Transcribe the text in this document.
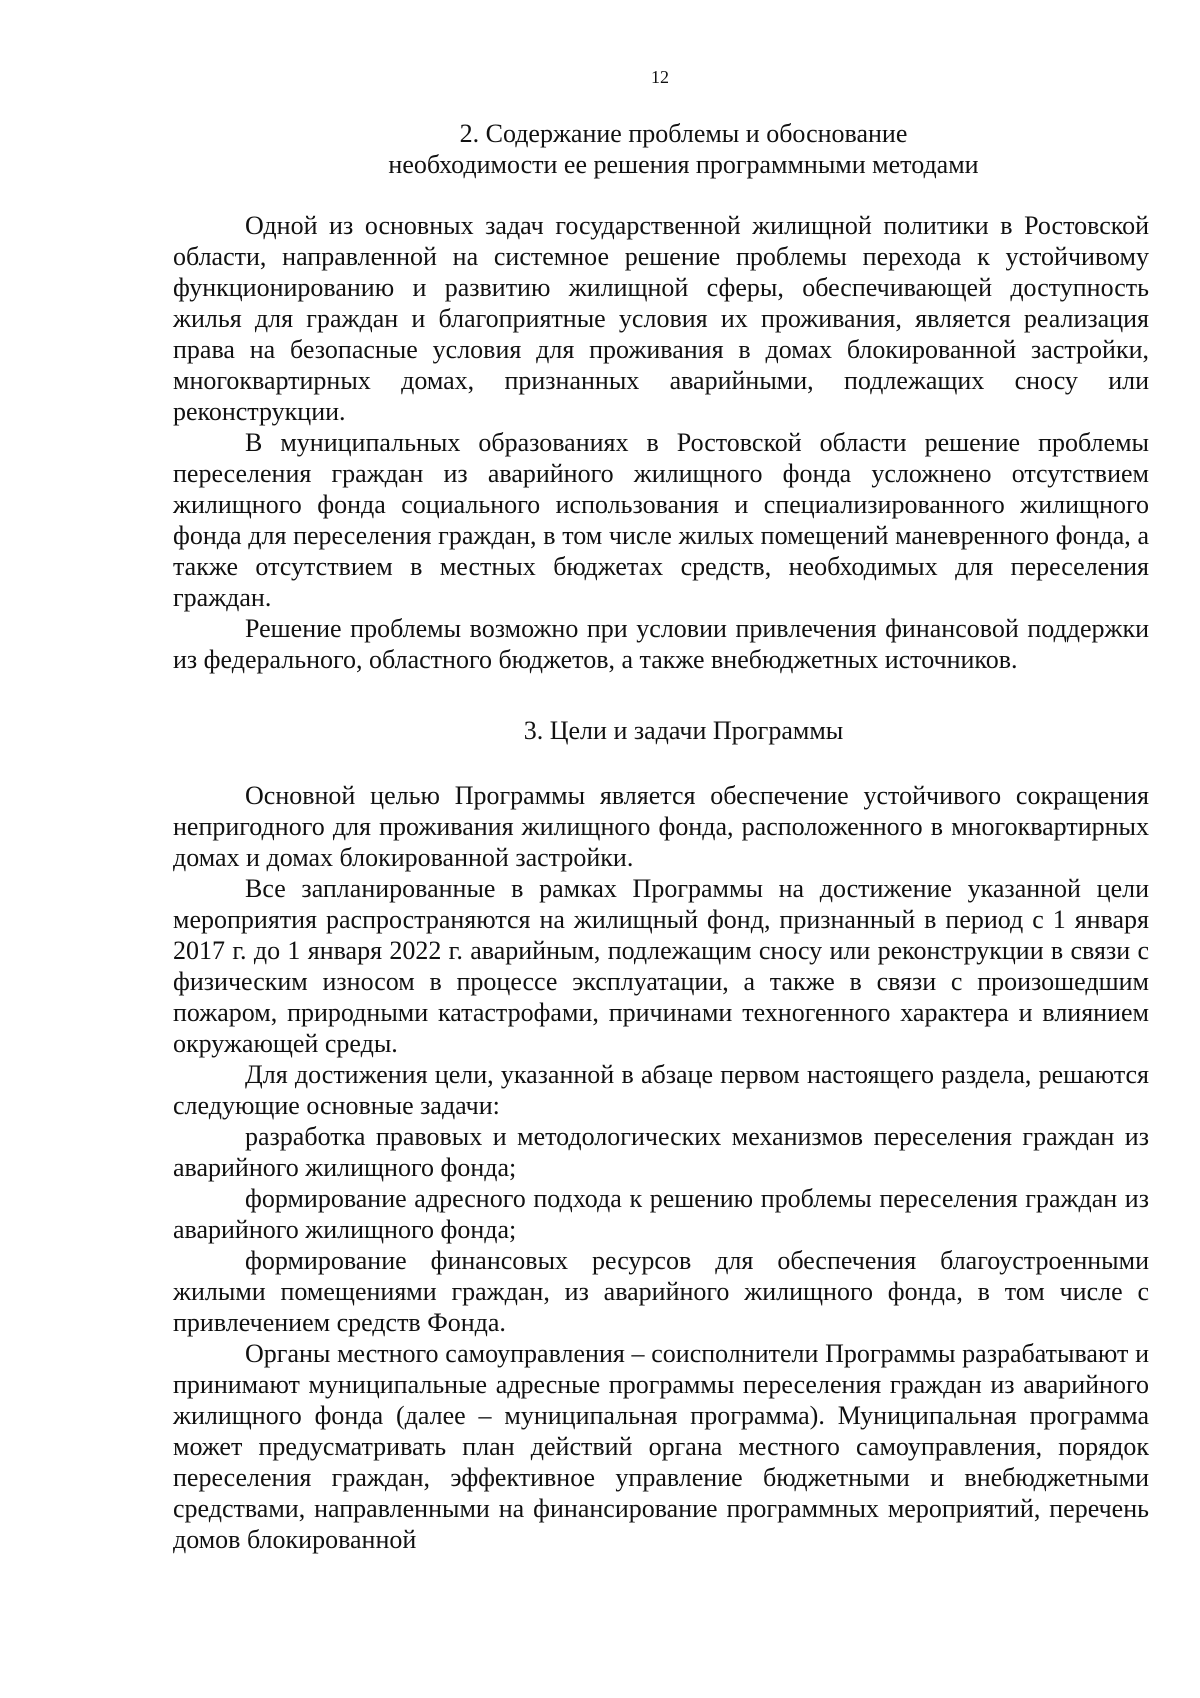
12
2. Содержание проблемы и обоснование
необходимости ее решения программными методами

Одной из основных задач государственной жилищной политики в Ростовской области, направленной на системное решение проблемы перехода к устойчивому функционированию и развитию жилищной сферы, обеспечивающей доступность жилья для граждан и благоприятные условия их проживания, является реализация права на безопасные условия для проживания в домах блокированной застройки, многоквартирных домах, признанных аварийными, подлежащих сносу или реконструкции.

В муниципальных образованиях в Ростовской области решение проблемы переселения граждан из аварийного жилищного фонда усложнено отсутствием жилищного фонда социального использования и специализированного жилищного фонда для переселения граждан, в том числе жилых помещений маневренного фонда, а также отсутствием в местных бюджетах средств, необходимых для переселения граждан.

Решение проблемы возможно при условии привлечения финансовой поддержки из федерального, областного бюджетов, а также внебюджетных источников.

3. Цели и задачи Программы

Основной целью Программы является обеспечение устойчивого сокращения непригодного для проживания жилищного фонда, расположенного в многоквартирных домах и домах блокированной застройки.

Все запланированные в рамках Программы на достижение указанной цели мероприятия распространяются на жилищный фонд, признанный в период с 1 января 2017 г. до 1 января 2022 г. аварийным, подлежащим сносу или реконструкции в связи с физическим износом в процессе эксплуатации, а также в связи с произошедшим пожаром, природными катастрофами, причинами техногенного характера и влиянием окружающей среды.

Для достижения цели, указанной в абзаце первом настоящего раздела, решаются следующие основные задачи:

разработка правовых и методологических механизмов переселения граждан из аварийного жилищного фонда;

формирование адресного подхода к решению проблемы переселения граждан из аварийного жилищного фонда;

формирование финансовых ресурсов для обеспечения благоустроенными жилыми помещениями граждан, из аварийного жилищного фонда, в том числе с привлечением средств Фонда.

Органы местного самоуправления – соисполнители Программы разрабатывают и принимают муниципальные адресные программы переселения граждан из аварийного жилищного фонда (далее – муниципальная программа). Муниципальная программа может предусматривать план действий органа местного самоуправления, порядок переселения граждан, эффективное управление бюджетными и внебюджетными средствами, направленными на финансирование программных мероприятий, перечень домов блокированной
